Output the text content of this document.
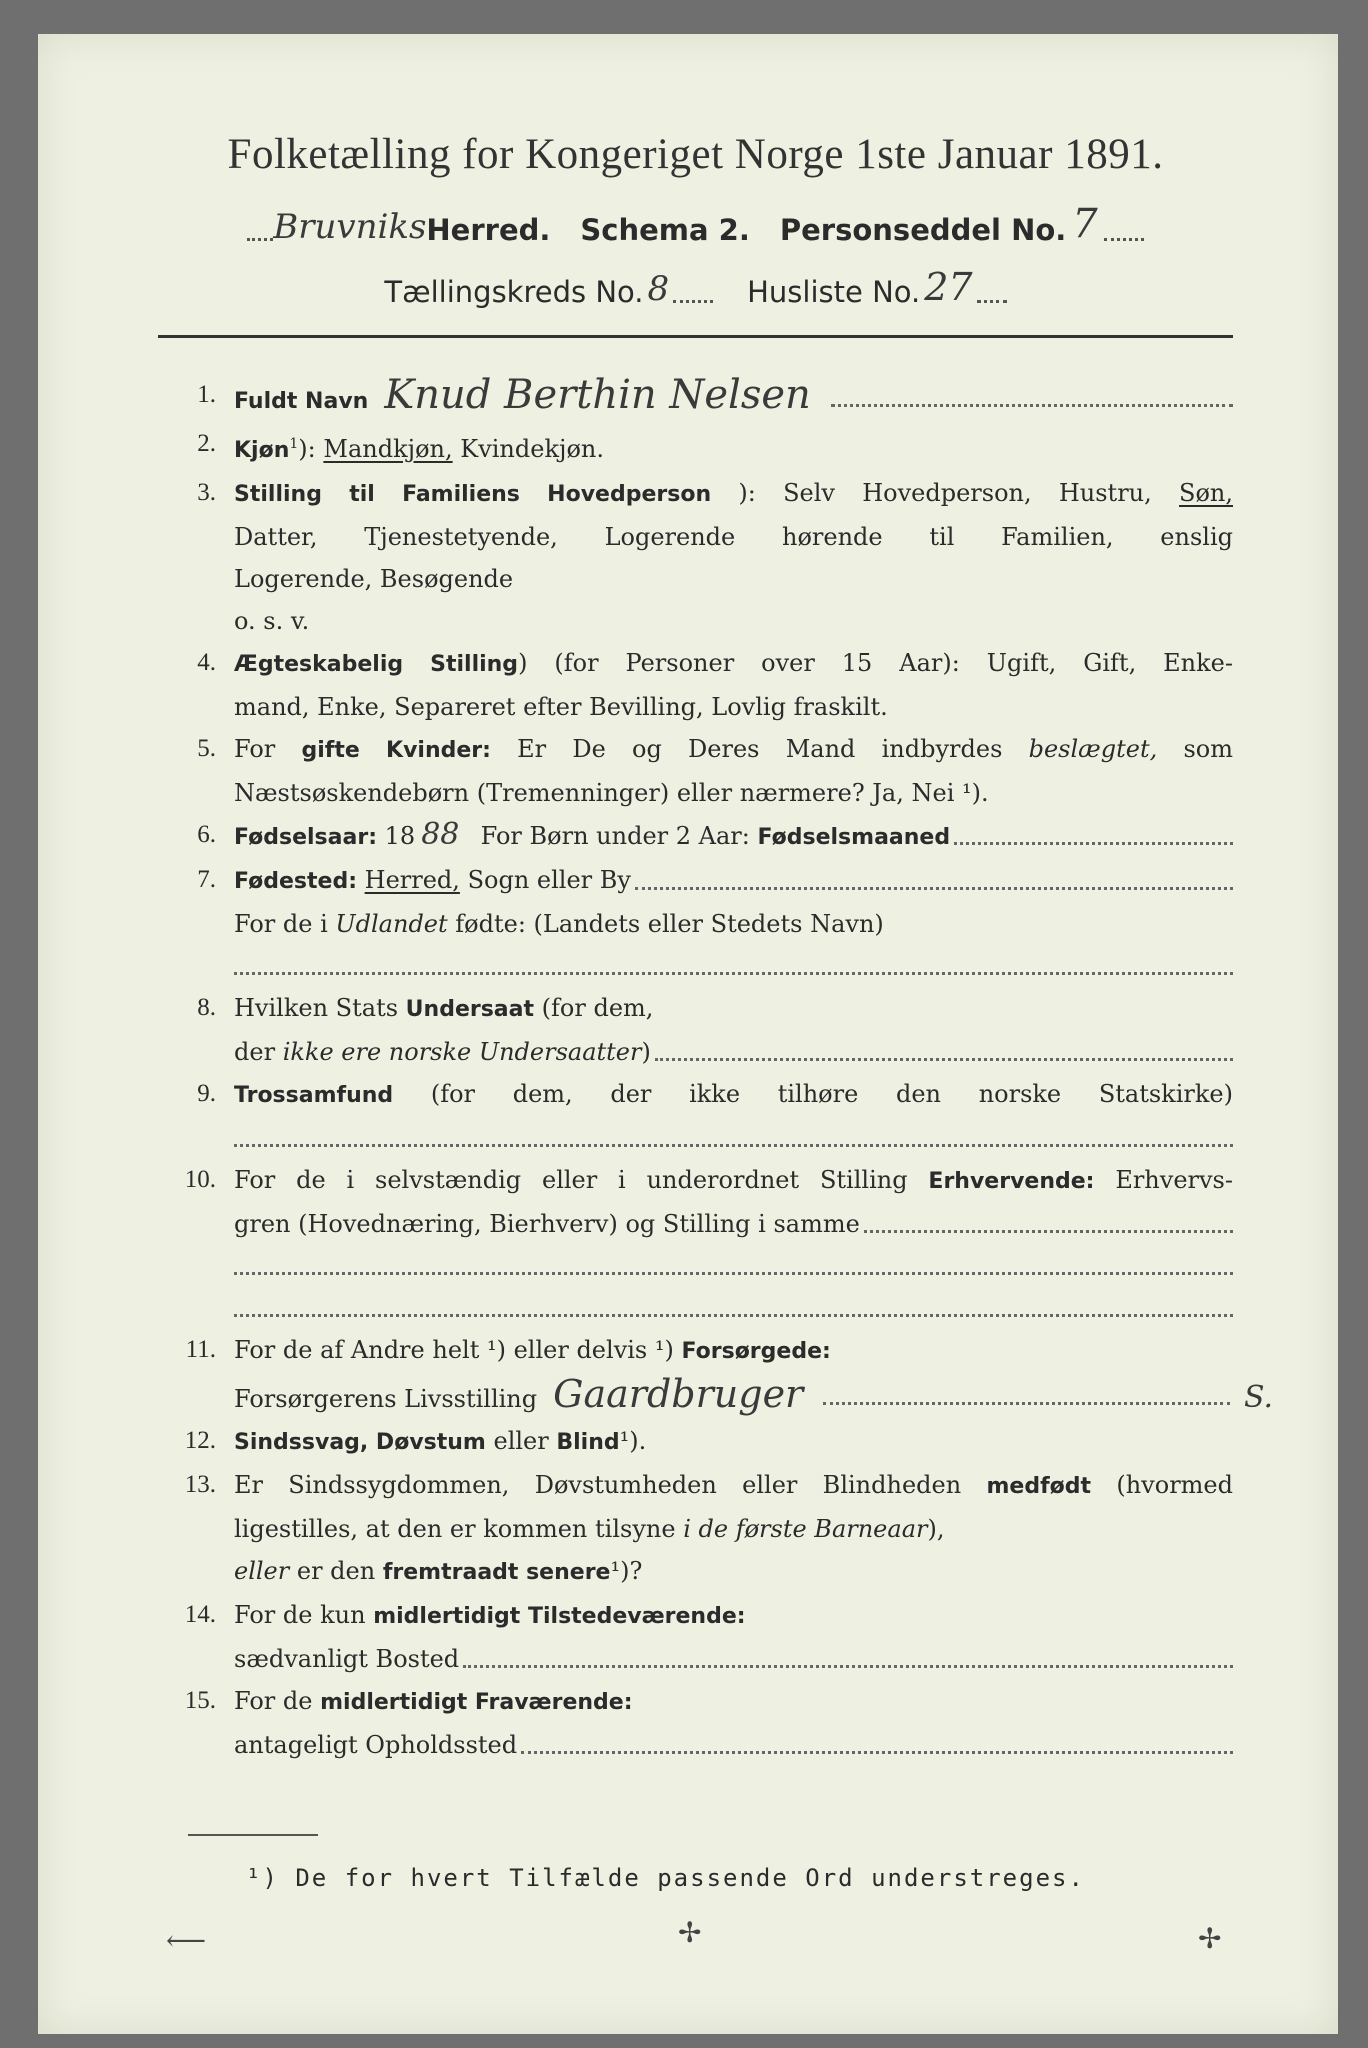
Folketælling for Kongeriget Norge 1ste Januar 1891.
Bruvniks Herred. Schema 2. Personseddel No. 7
Tællingskreds No. 8	Husliste No. 27
1. Fuldt Navn Knud Berthin Nelsen
2. Kjøn$^1$): Mandkjøn, Kvindekjøn.
3. Stilling til Familiens Hovedperson ): Selv Hovedperson, Hustru, Søn,
Datter, Tjenestetyende, Logerende hørende til Familien, enslig
Logerende, Besøgende
o. s. v.
4. Ægteskabelig Stilling) (for Personer over 15 Aar): Ugift, Gift, Enke-
mand, Enke, Separeret efter Bevilling, Lovlig fraskilt.
5. For gifte Kvinder: Er De og Deres Mand indbyrdes beslægtet, som
Næstsøskendebørn (Tremenninger) eller nærmere? Ja, Nei ¹).
6. Fødselsaar:
18 88
For Børn under 2 Aar:
Fødselsmaaned
7. Fødested:
Herred,
Sogn eller By
For de i Udlandet fødte: (Landets eller Stedets Navn)
8. Hvilken Stats Undersaat (for dem,
der
ikke ere norske Undersaatter )
9. Trossamfund (for dem, der ikke tilhøre den norske Statskirke)
10. For de i selvstændig eller i underordnet Stilling Erhvervende: Erhvervs-
gren (Hovednæring, Bierhverv) og Stilling i samme
11. For de af Andre helt ¹) eller delvis ¹) Forsørgede:
Forsørgerens Livsstilling Gaardbruger	S.
12. Sindssvag, Døvstum eller Blind¹).
13. Er Sindssygdommen, Døvstumheden eller Blindheden medfødt (hvormed
ligestilles, at den er kommen tilsyne i de første Barneaar),
eller er den fremtraadt senere¹)?
14. For de kun midlertidigt Tilstedeværende:
sædvanligt Bosted
15. For de midlertidigt Fraværende:
antageligt Opholdssted
¹) De for hvert Tilfælde passende Ord understreges.
⟵	✢	✢
